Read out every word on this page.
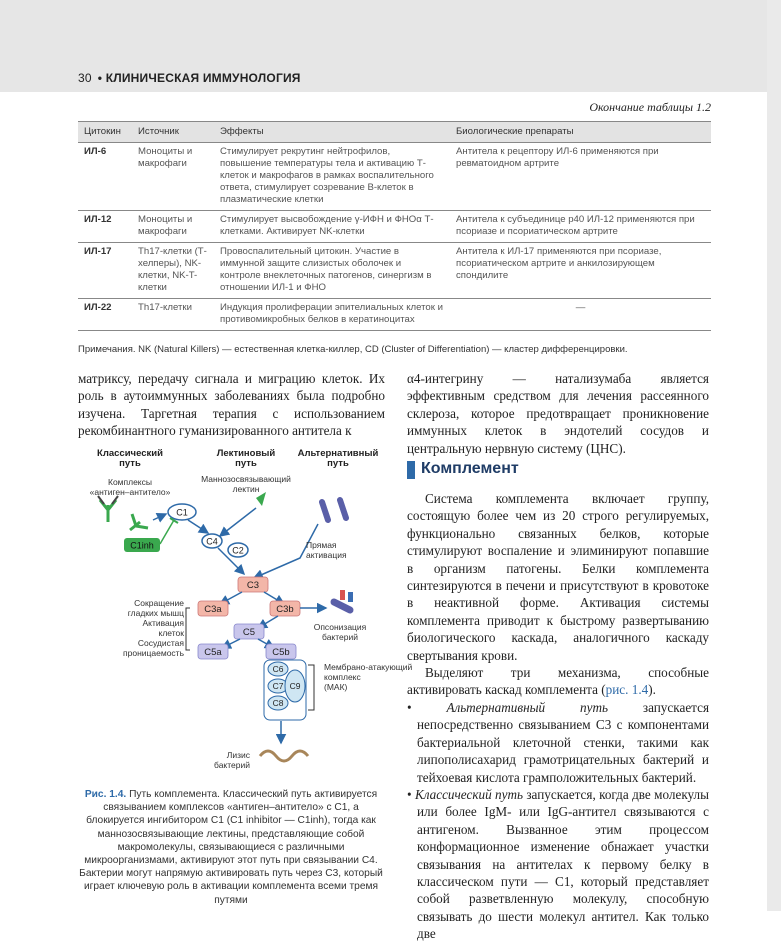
30 • КЛИНИЧЕСКАЯ ИММУНОЛОГИЯ
Окончание таблицы 1.2
Цитокин	Источник	Эффекты	Биологические препараты
ИЛ-6	Моноциты и макрофаги	Стимулирует рекрутинг нейтрофилов, повышение температуры тела и активацию Т-клеток и макрофагов в рамках воспалительного ответа, стимулирует созревание В-клеток в плазматические клетки	Антитела к рецептору ИЛ-6 применяются при ревматоидном артрите
ИЛ-12	Моноциты и макрофаги	Стимулирует высвобождение γ-ИФН и ФНОα Т-клетками. Активирует NK-клетки	Антитела к субъединице p40 ИЛ-12 применяются при псориазе и псориатическом артрите
ИЛ-17	Th17-клетки (Т-хелперы), NK-клетки, NK-T-клетки	Провоспалительный цитокин. Участие в иммунной защите слизистых оболочек и контроле внеклеточных патогенов, синергизм в отношении ИЛ-1 и ФНО	Антитела к ИЛ-17 применяются при псориазе, псориатическом артрите и анкилозирующем спондилите
ИЛ-22	Th17-клетки	Индукция пролиферации эпителиальных клеток и противомикробных белков в кератиноцитах	—
Примечания. NK (Natural Killers) — естественная клетка-киллер, CD (Cluster of Differentiation) — кластер дифференцировки.
матриксу, передачу сигнала и миграцию клеток. Их роль в аутоиммунных заболеваниях была подробно изучена. Таргетная терапия с использованием рекомбинантного гуманизированного антитела к
α4-интегрину — натализумаба является эффективным средством для лечения рассеянного склероза, которое предотвращает проникновение иммунных клеток в эндотелий сосудов и центральную нервную систему (ЦНС).
Комплемент

Система комплемента включает группу, состоящую более чем из 20 строго регулируемых, функционально связанных белков, которые стимулируют воспаление и элиминируют попавшие в организм патогены. Белки комплемента синтезируются в печени и присутствуют в кровотоке в неактивной форме. Активация системы комплемента приводит к быстрому развертыванию биологического каскада, аналогичного каскаду свертывания крови.

Выделяют три механизма, способные активировать каскад комплемента (рис. 1.4).

•	Альтернативный путь запускается непосредственно связыванием С3 с компонентами бактериальной клеточной стенки, такими как липополисахарид грамотрицательных бактерий и тейхоевая кислота грамположительных бактерий.

• Классический путь запускается, когда две молекулы или более IgM- или IgG-антител связываются с антигеном. Вызванное этим процессом конформационное изменение обнажает участки связывания на антителах к первому белку в классическом пути — С1, который представляет собой разветвленную молекулу, способную связывать до шести молекул антител. Как только две

Классический путь
Комплексы «антиген–антитело»
Лектиновый путь
Маннозосвязывающий лектин
Альтернативный путь
C1
C1inh	C4
C2
Прямая активация
C3
C3a	C3b
Сокращение гладких мышц Активация клеток Сосудистая проницаемость
Опсонизация бактерий
C5
C5a	C5b
C6
C7
C8
C9
Мембрано-атакующий комплекс (МАК)
Лизис бактерий
Рис. 1.4. Путь комплемента. Классический путь активируется связыванием комплексов «антиген–антитело» с С1, а блокируется ингибитором С1 (C1 inhibitor — C1inh), тогда как маннозосвязывающие лектины, представляющие собой макромолекулы, связывающиеся с различными микроорганизмами, активируют этот путь при связывании С4. Бактерии могут напрямую активировать путь через С3, который играет ключевую роль в активации комплемента всеми тремя путями
